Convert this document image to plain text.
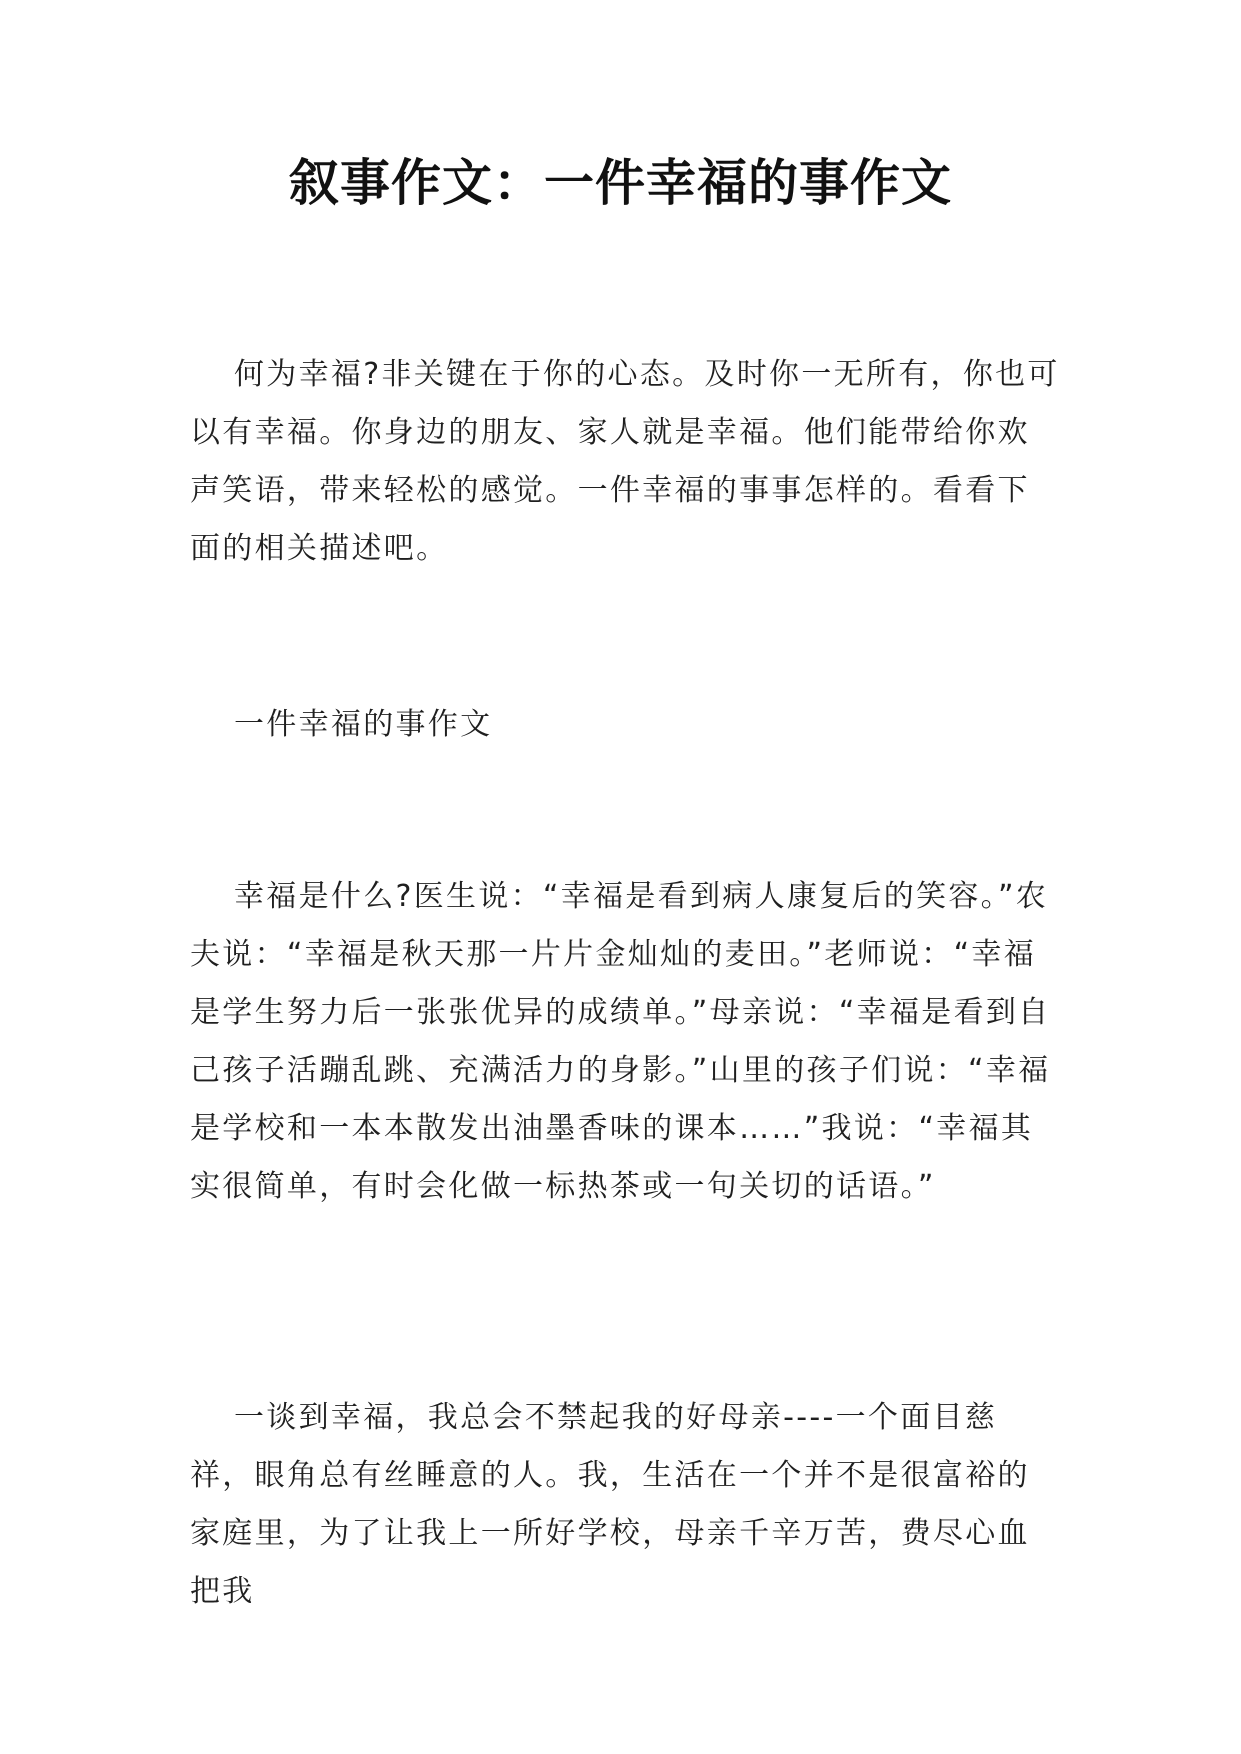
叙事作文：一件幸福的事作文

何为幸福?非关键在于你的心态。及时你一无所有，你也可以有幸福。你身边的朋友、家人就是幸福。他们能带给你欢声笑语，带来轻松的感觉。一件幸福的事事怎样的。看看下面的相关描述吧。

一件幸福的事作文

幸福是什么?医生说：“幸福是看到病人康复后的笑容。”农夫说：“幸福是秋天那一片片金灿灿的麦田。”老师说：“幸福是学生努力后一张张优异的成绩单。”母亲说：“幸福是看到自己孩子活蹦乱跳、充满活力的身影。”山里的孩子们说：“幸福是学校和一本本散发出油墨香味的课本……”我说：“幸福其实很简单，有时会化做一标热茶或一句关切的话语。”

一谈到幸福，我总会不禁起我的好母亲----一个面目慈祥，眼角总有丝睡意的人。我，生活在一个并不是很富裕的家庭里，为了让我上一所好学校，母亲千辛万苦，费尽心血把我
